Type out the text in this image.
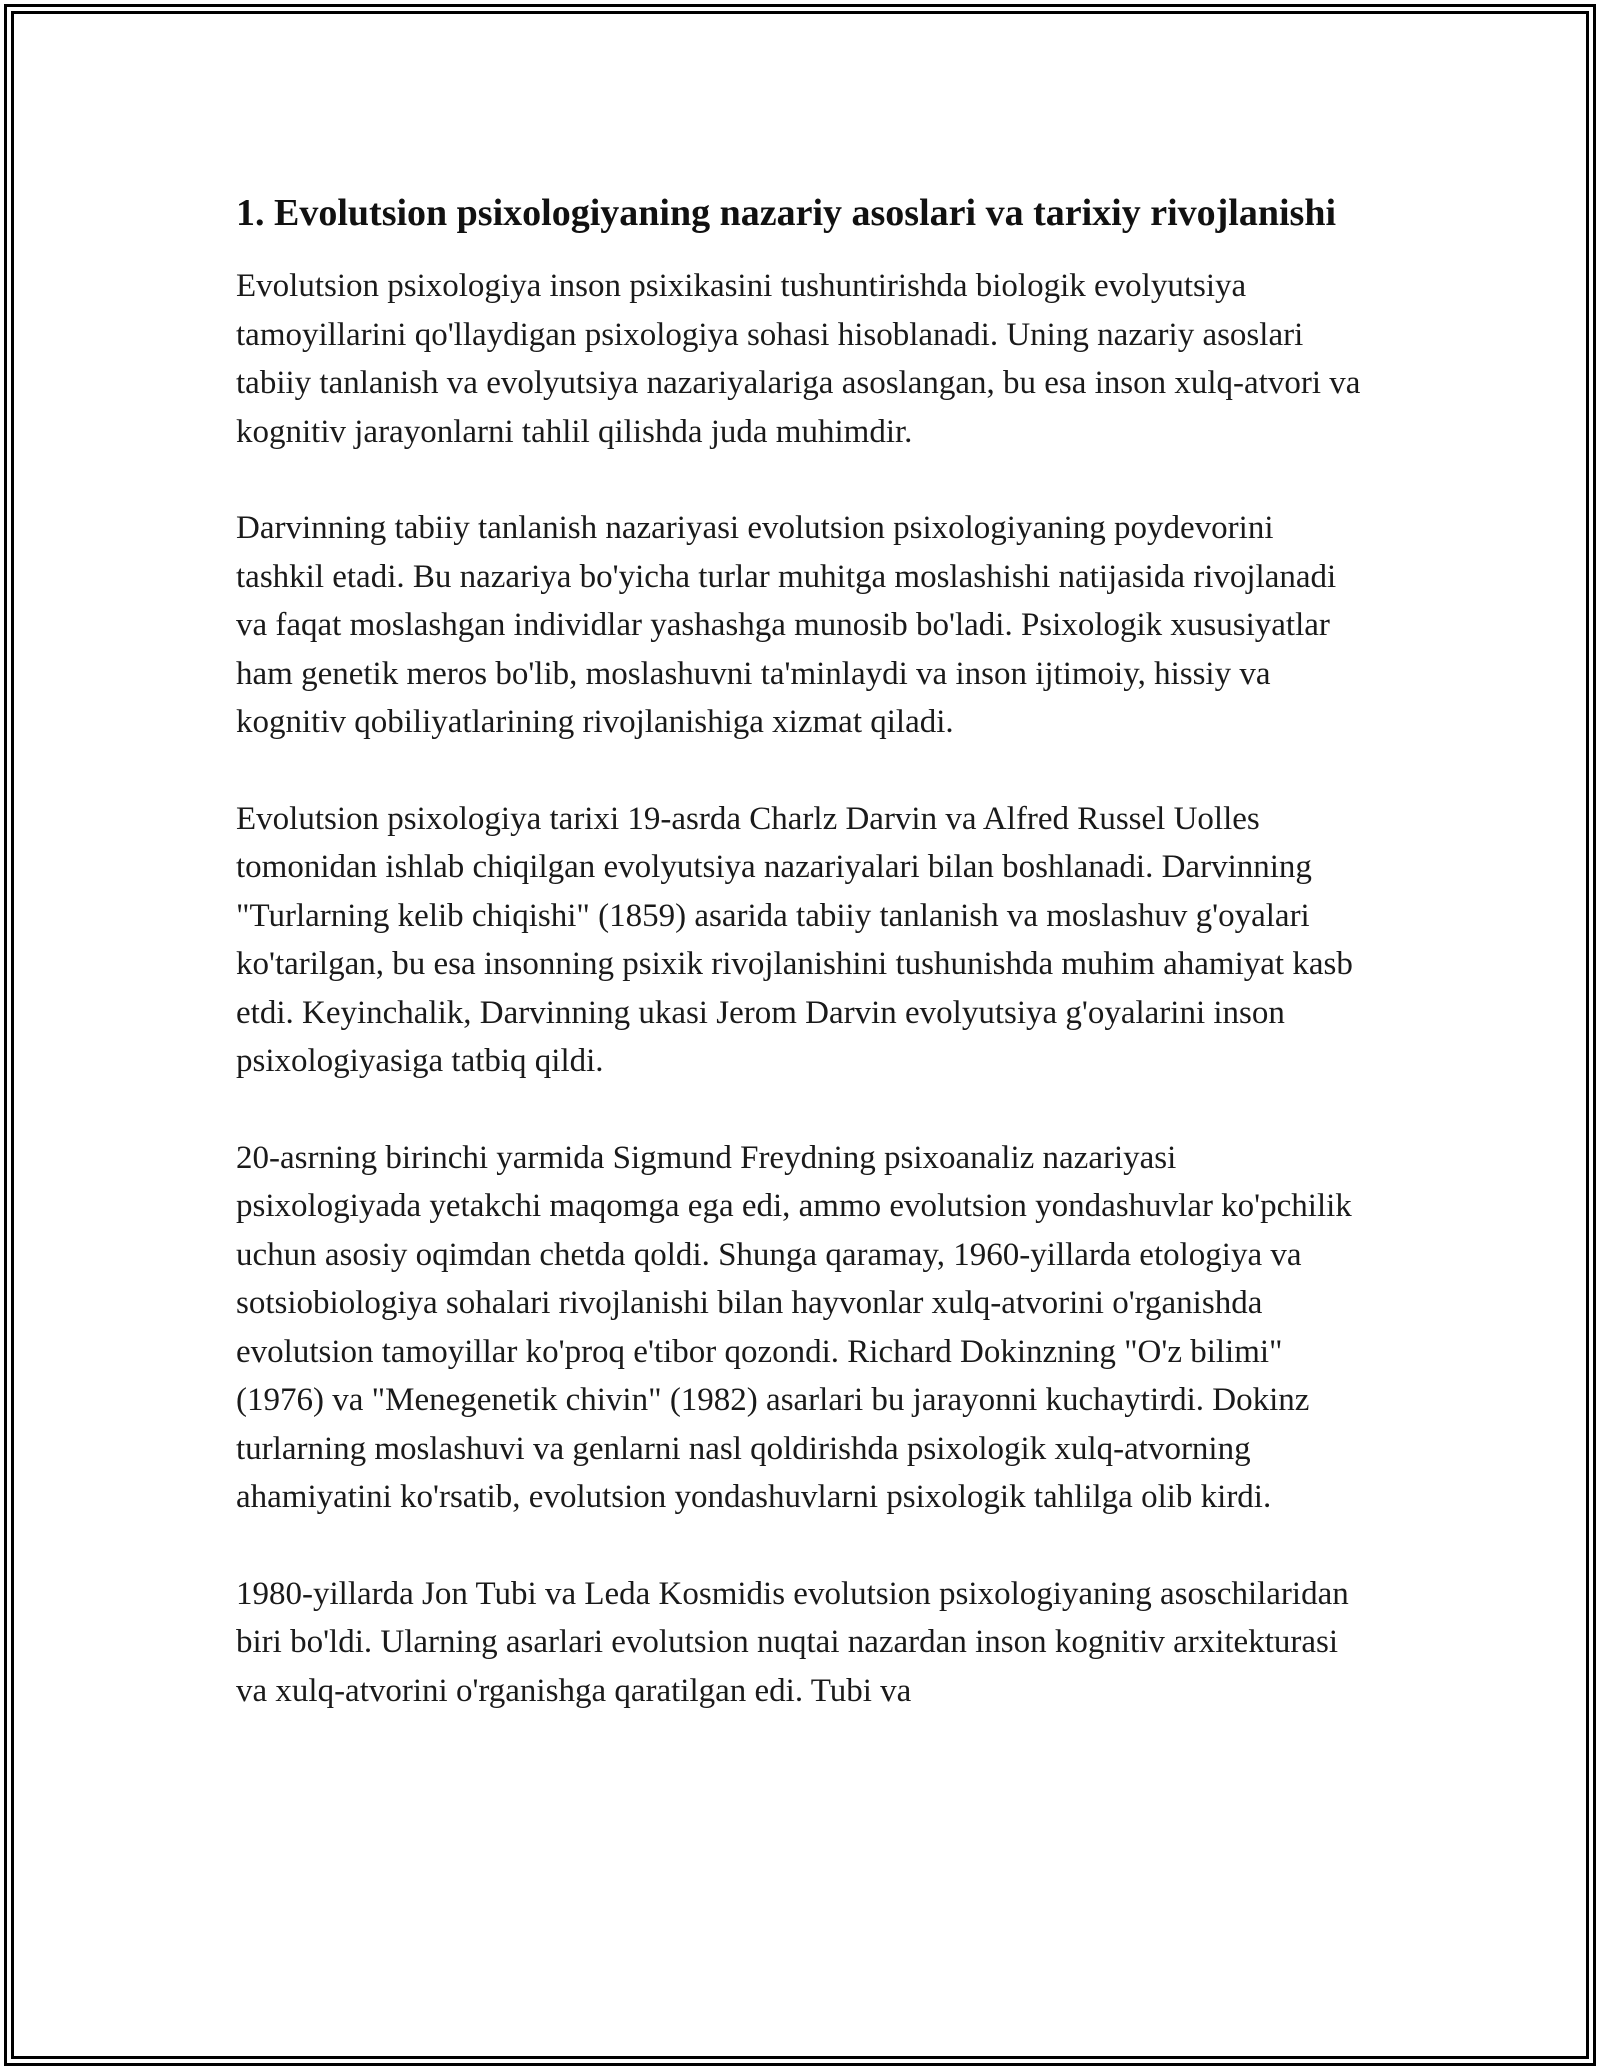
1. Evolutsion psixologiyaning nazariy asoslari va tarixiy rivojlanishi

Evolutsion psixologiya inson psixikasini tushuntirishda biologik evolyutsiya tamoyillarini qo'llaydigan psixologiya sohasi hisoblanadi. Uning nazariy asoslari tabiiy tanlanish va evolyutsiya nazariyalariga asoslangan, bu esa inson xulq-atvori va kognitiv jarayonlarni tahlil qilishda juda muhimdir.

Darvinning tabiiy tanlanish nazariyasi evolutsion psixologiyaning poydevorini tashkil etadi. Bu nazariya bo'yicha turlar muhitga moslashishi natijasida rivojlanadi va faqat moslashgan individlar yashashga munosib bo'ladi. Psixologik xususiyatlar ham genetik meros bo'lib, moslashuvni ta'minlaydi va inson ijtimoiy, hissiy va kognitiv qobiliyatlarining rivojlanishiga xizmat qiladi.

Evolutsion psixologiya tarixi 19-asrda Charlz Darvin va Alfred Russel Uolles tomonidan ishlab chiqilgan evolyutsiya nazariyalari bilan boshlanadi. Darvinning "Turlarning kelib chiqishi" (1859) asarida tabiiy tanlanish va moslashuv g'oyalari ko'tarilgan, bu esa insonning psixik rivojlanishini tushunishda muhim ahamiyat kasb etdi. Keyinchalik, Darvinning ukasi Jerom Darvin evolyutsiya g'oyalarini inson psixologiyasiga tatbiq qildi.

20-asrning birinchi yarmida Sigmund Freydning psixoanaliz nazariyasi psixologiyada yetakchi maqomga ega edi, ammo evolutsion yondashuvlar ko'pchilik uchun asosiy oqimdan chetda qoldi. Shunga qaramay, 1960-yillarda etologiya va sotsiobiologiya sohalari rivojlanishi bilan hayvonlar xulq-atvorini o'rganishda evolutsion tamoyillar ko'proq e'tibor qozondi. Richard Dokinzning "O'z bilimi" (1976) va "Menegenetik chivin" (1982) asarlari bu jarayonni kuchaytirdi. Dokinz turlarning moslashuvi va genlarni nasl qoldirishda psixologik xulq-atvorning ahamiyatini ko'rsatib, evolutsion yondashuvlarni psixologik tahlilga olib kirdi.

1980-yillarda Jon Tubi va Leda Kosmidis evolutsion psixologiyaning asoschilaridan biri bo'ldi. Ularning asarlari evolutsion nuqtai nazardan inson kognitiv arxitekturasi va xulq-atvorini o'rganishga qaratilgan edi. Tubi va
